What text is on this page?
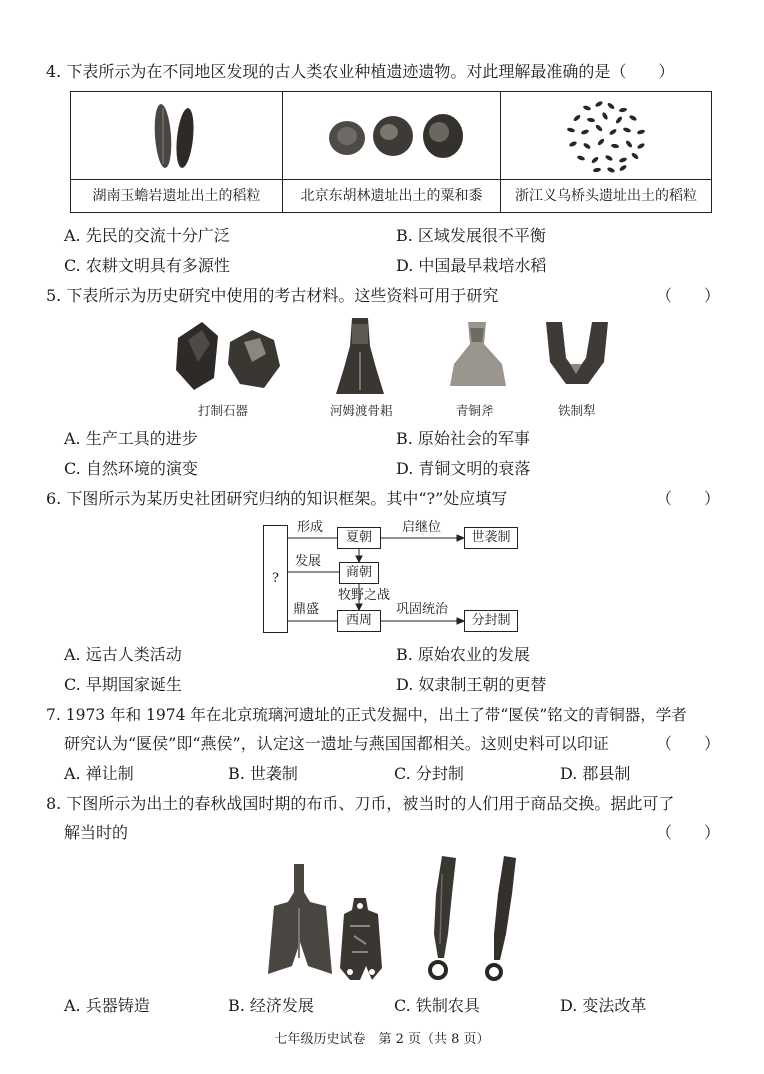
4. 下表所示为在不同地区发现的古人类农业种植遗迹遗物。对此理解最准确的是（　　）
湖南玉蟾岩遗址出土的稻粒	北京东胡林遗址出土的粟和黍	浙江义乌桥头遗址出土的稻粒
A. 先民的交流十分广泛	B. 区域发展很不平衡
C. 农耕文明具有多源性	D. 中国最早栽培水稻
5. 下表所示为历史研究中使用的考古材料。这些资料可用于研究	（　　）
打制石器	河姆渡骨耜	青铜斧	铁制犁
A. 生产工具的进步	B. 原始社会的军事
C. 自然环境的演变	D. 青铜文明的衰落
6. 下图所示为某历史社团研究归纳的知识框架。其中“?”处应填写	（　　）
?
夏朝
商朝
西周
世袭制
分封制
形成
发展
鼎盛
启继位
牧野之战
巩固统治
A. 远古人类活动	B. 原始农业的发展
C. 早期国家诞生	D. 奴隶制王朝的更替
7. 1973 年和 1974 年在北京琉璃河遗址的正式发掘中，出土了带“匽侯”铭文的青铜器，学者
研究认为“匽侯”即“燕侯”，认定这一遗址与燕国国都相关。这则史料可以印证	（　　）
A. 禅让制	B. 世袭制	C. 分封制	D. 郡县制
8. 下图所示为出土的春秋战国时期的布币、刀币，被当时的人们用于商品交换。据此可了
解当时的	（　　）
A. 兵器铸造	B. 经济发展	C. 铁制农具	D. 变法改革
七年级历史试卷　第 2 页（共 8 页）
